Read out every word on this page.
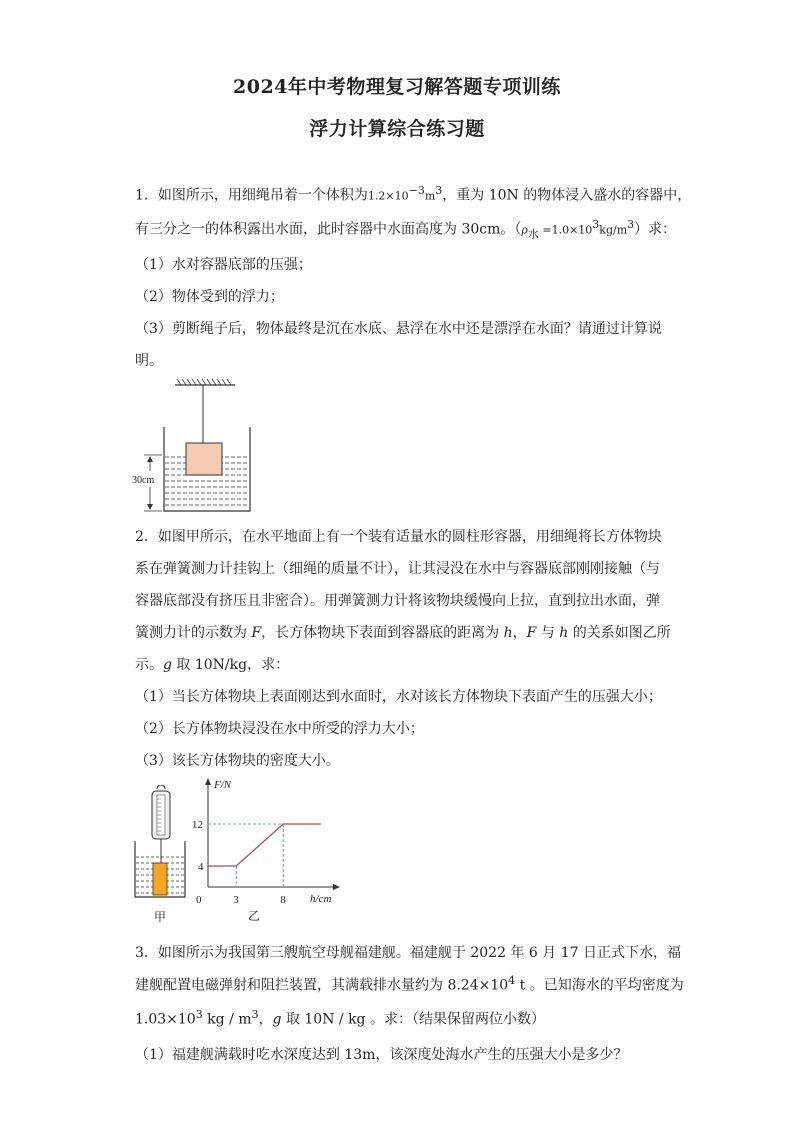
2024年中考物理复习解答题专项训练
浮力计算综合练习题
1．如图所示，用细绳吊着一个体积为$1.2\times 10^{-3}m^3$，重为 10N 的物体浸入盛水的容器中，
有三分之一的体积露出水面，此时容器中水面高度为 30cm。$(\rho_水 =1.0\times 10^3kg/m^3)$求：
（1）水对容器底部的压强；
（2）物体受到的浮力；
（3）剪断绳子后，物体最终是沉在水底、悬浮在水中还是漂浮在水面？请通过计算说
明。
30cm
2．如图甲所示，在水平地面上有一个装有适量水的圆柱形容器，用细绳将长方体物块
系在弹簧测力计挂钩上（细绳的质量不计），让其浸没在水中与容器底部刚刚接触（与
容器底部没有挤压且非密合）。用弹簧测力计将该物块缓慢向上拉，直到拉出水面，弹
簧测力计的示数为 F，长方体物块下表面到容器底的距离为 h，F 与 h 的关系如图乙所
示。g 取 10N/kg，求：
（1）当长方体物块上表面刚达到水面时，水对该长方体物块下表面产生的压强大小；
（2）长方体物块浸没在水中所受的浮力大小；
（3）该长方体物块的密度大小。
甲
F/N
h/cm
0	3	8
4
12
乙
3．如图所示为我国第三艘航空母舰福建舰。福建舰于 2022 年 6 月 17 日正式下水，福
建舰配置电磁弹射和阻拦装置，其满载排水量约为 $8.24\times 10^4$ t 。已知海水的平均密度为
$1.03\times 10^3$ kg / $m^3$，g 取 10N / kg 。求：（结果保留两位小数）
（1）福建舰满载时吃水深度达到 13m，该深度处海水产生的压强大小是多少？
